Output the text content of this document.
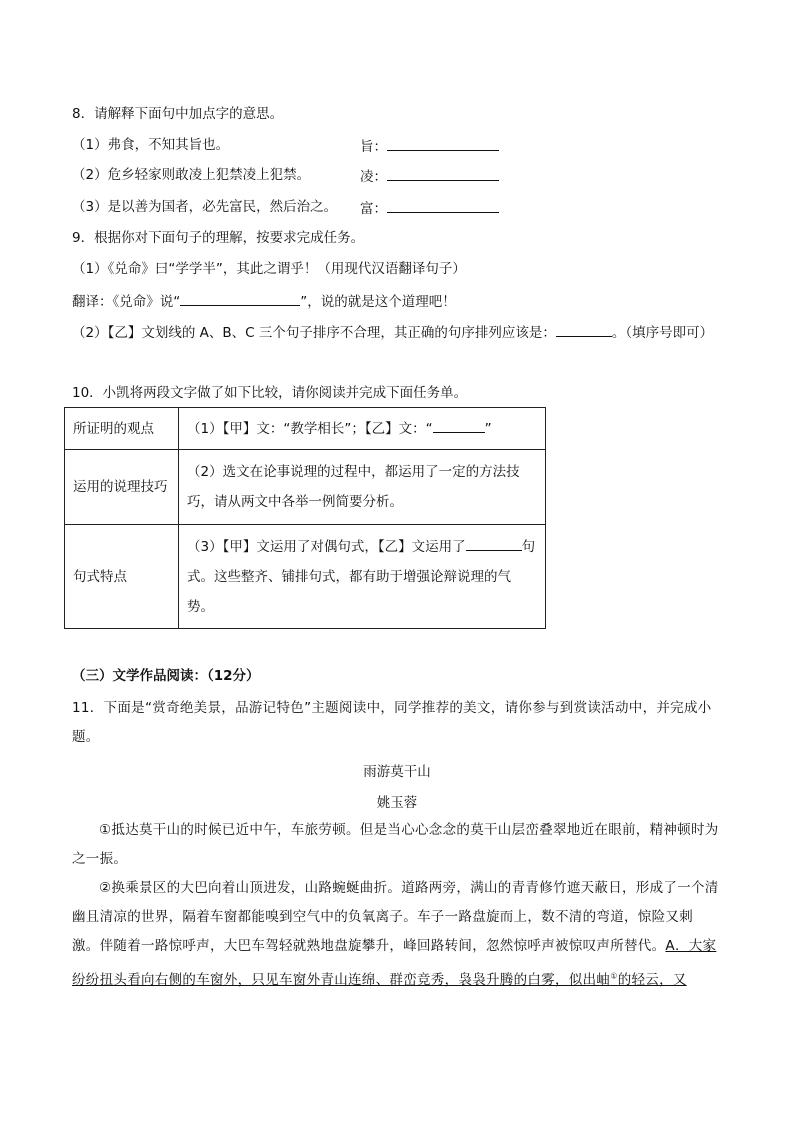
8．请解释下面句中加点字的意思。
（1）弗食，不知其旨也。	旨：
（2）危乡轻家则敢凌上犯禁凌上犯禁。	凌：
（3）是以善为国者，必先富民，然后治之。 富：
9．根据你对下面句子的理解，按要求完成任务。
（1）《兑命》曰“学学半”，其此之谓乎！（用现代汉语翻译句子）
翻译：《兑命》说“	”，说的就是这个道理吧！
（2）【乙】文划线的 A、B、C 三个句子排序不合理，其正确的句序排列应该是：	。（填序号即可）
10．小凯将两段文字做了如下比较，请你阅读并完成下面任务单。
所证明的观点	（1）【甲】文：“教学相长”；【乙】文：“ ”
运用的说理技巧	（2）选文在论事说理的过程中，都运用了一定的方法技巧，请从两文中各举一例简要分析。
句式特点	（3）【甲】文运用了对偶句式，【乙】文运用了 句式。这些整齐、铺排句式，都有助于增强论辩说理的气势。
（三）文学作品阅读：（12分）
11．下面是“赏奇绝美景，品游记特色”主题阅读中，同学推荐的美文，请你参与到赏读活动中，并完成小题。
雨游莫干山
姚玉蓉
①抵达莫干山的时候已近中午，车旅劳顿。但是当心心念念的莫干山层峦叠翠地近在眼前，精神顿时为之一振。
②换乘景区的大巴向着山顶进发，山路蜿蜒曲折。道路两旁，满山的青青修竹遮天蔽日，形成了一个清幽且清凉的世界，隔着车窗都能嗅到空气中的负氧离子。车子一路盘旋而上，数不清的弯道，惊险又刺激。伴随着一路惊呼声，大巴车驾轻就熟地盘旋攀升，峰回路转间，忽然惊呼声被惊叹声所替代。A．大家纷纷扭头看向右侧的车窗外，只见车窗外青山连绵、群峦竞秀，袅袅升腾的白雾，似出岫①的轻云，又
